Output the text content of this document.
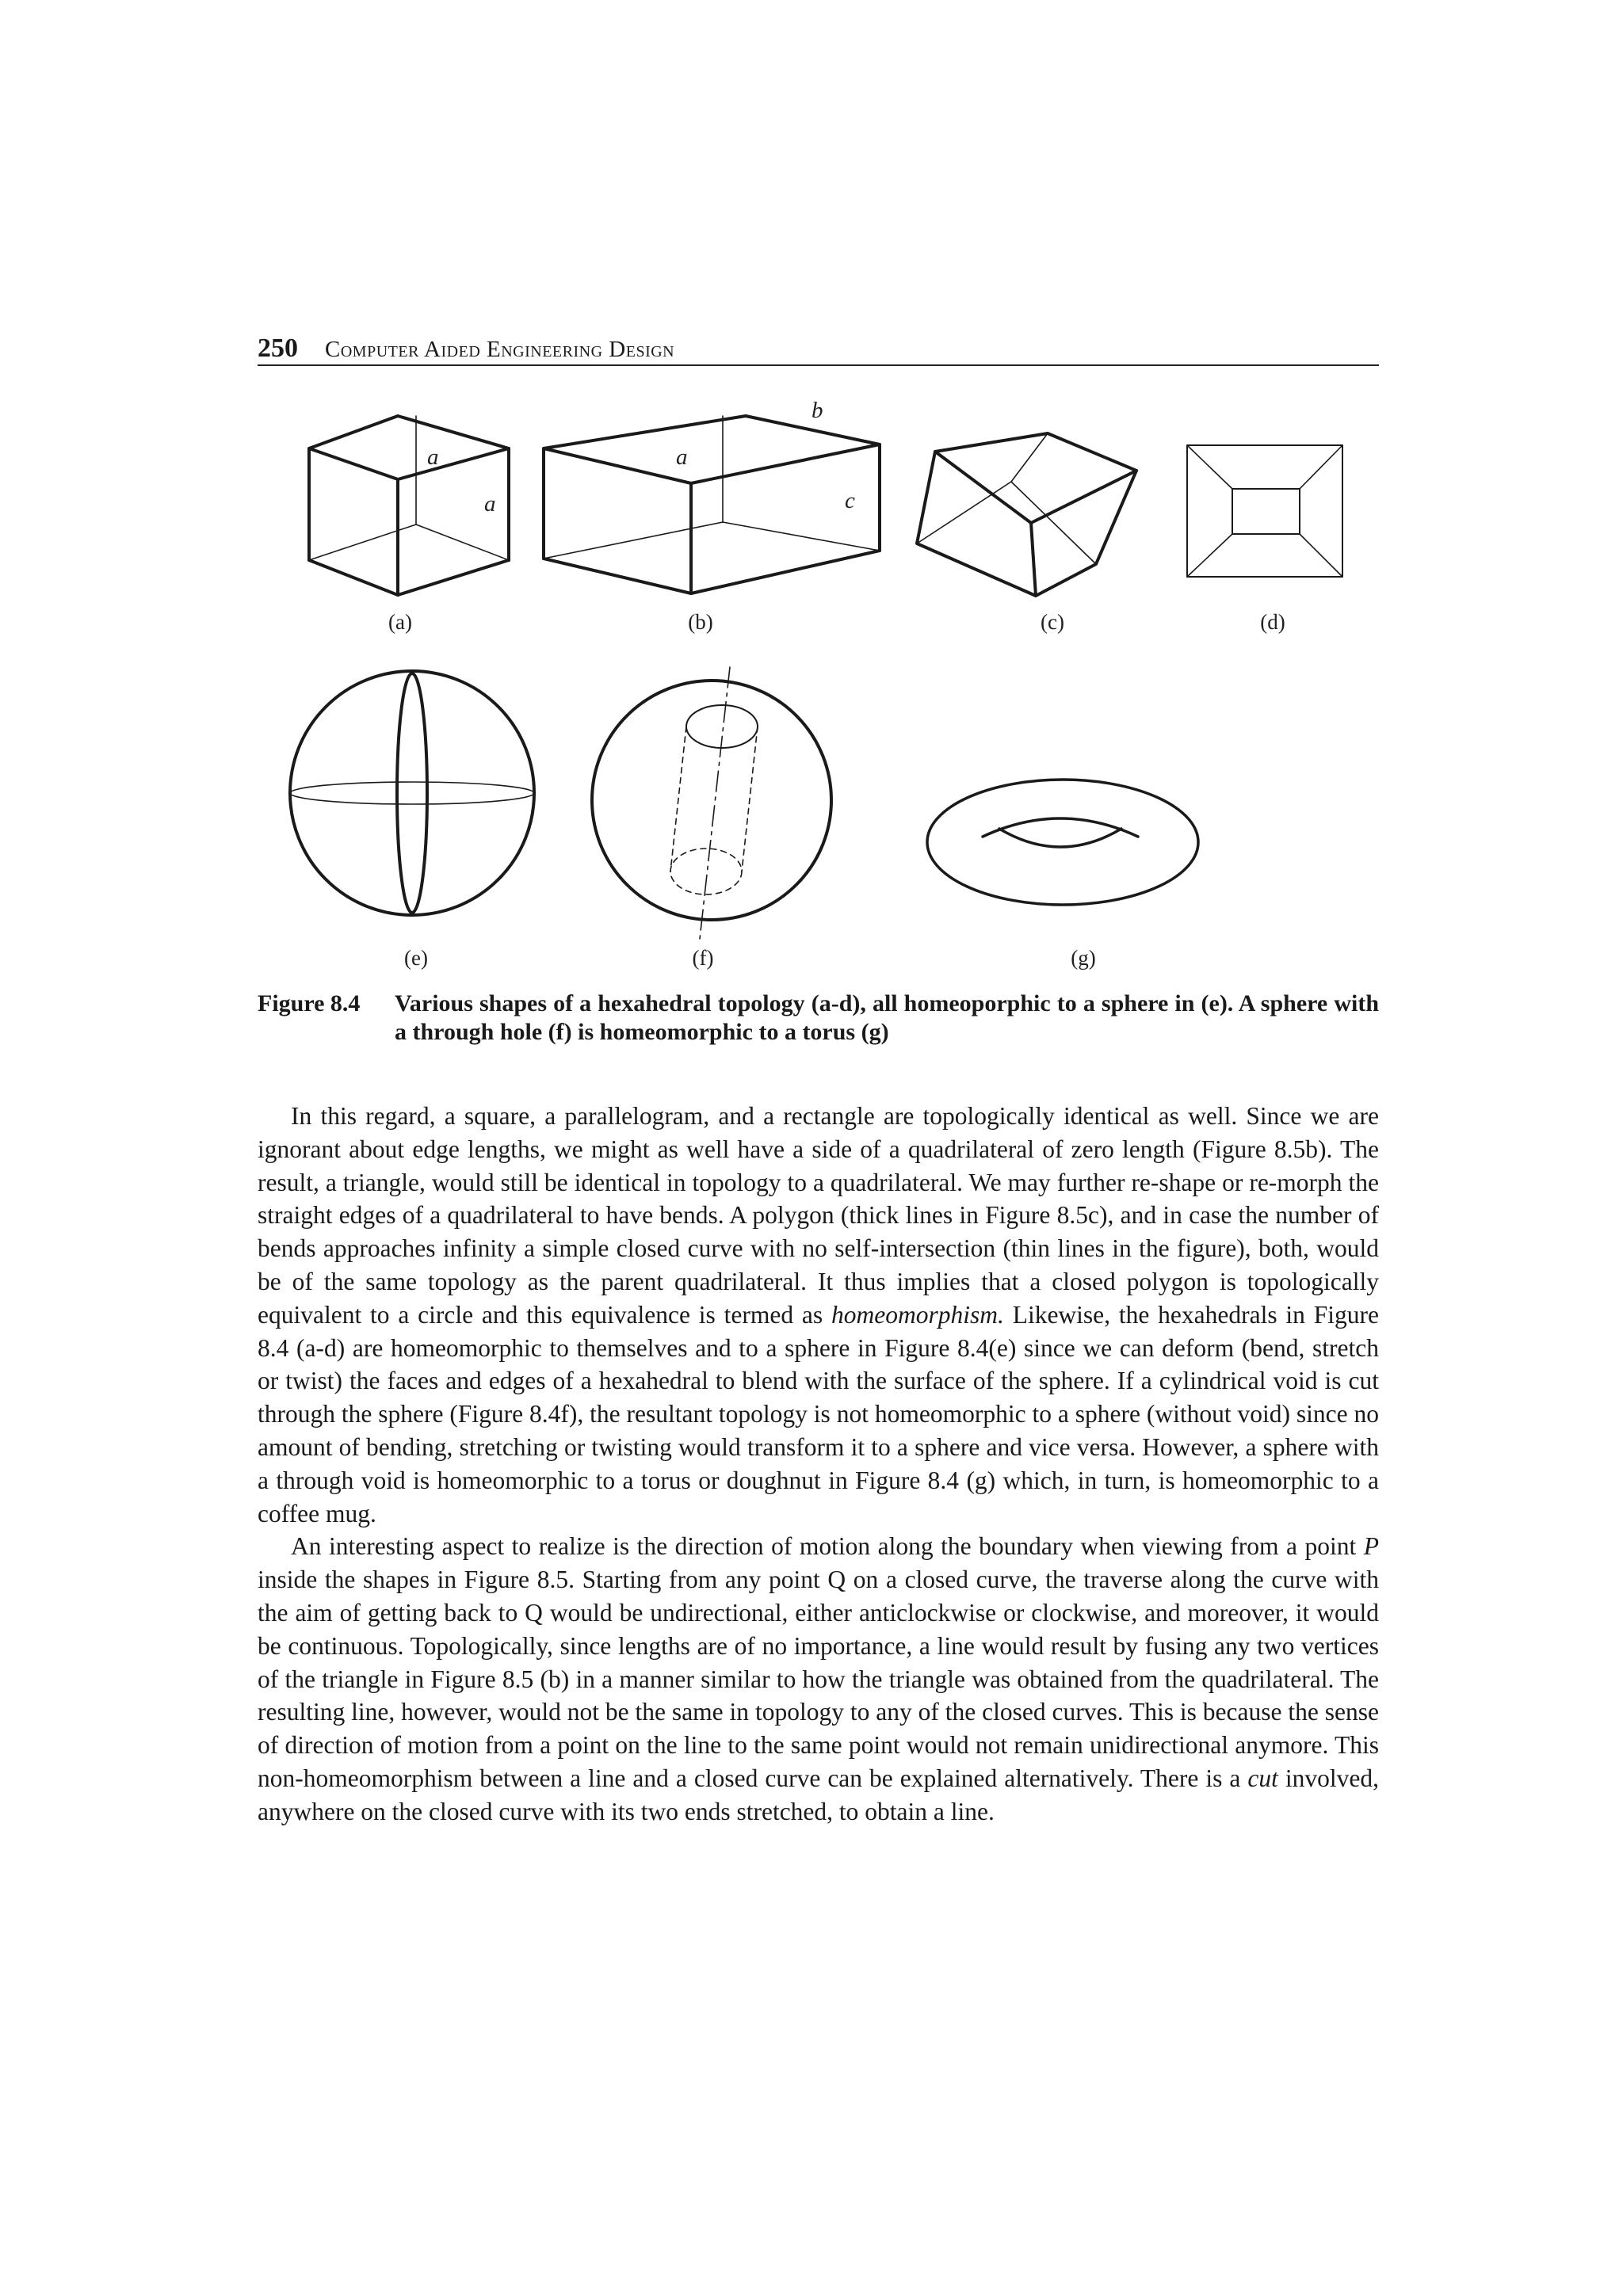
250 Computer Aided Engineering Design
a
a
a
b
c
(a)	(b)	(c)	(d)
(e)	(f)	(g)
Figure 8.4	Various shapes of a hexahedral topology (a-d), all homeoporphic to a sphere in (e). A sphere with a through hole (f) is homeomorphic to a torus (g)

In this regard, a square, a parallelogram, and a rectangle are topologically identical as well. Since we are ignorant about edge lengths, we might as well have a side of a quadrilateral of zero length (Figure 8.5b). The result, a triangle, would still be identical in topology to a quadrilateral. We may further re-shape or re-morph the straight edges of a quadrilateral to have bends. A polygon (thick lines in Figure 8.5c), and in case the number of bends approaches infinity a simple closed curve with no self-intersection (thin lines in the figure), both, would be of the same topology as the parent quadrilateral. It thus implies that a closed polygon is topologically equivalent to a circle and this equivalence is termed as homeomorphism. Likewise, the hexahedrals in Figure 8.4 (a-d) are homeomorphic to themselves and to a sphere in Figure 8.4(e) since we can deform (bend, stretch or twist) the faces and edges of a hexahedral to blend with the surface of the sphere. If a cylindrical void is cut through the sphere (Figure 8.4f), the resultant topology is not homeomorphic to a sphere (without void) since no amount of bending, stretching or twisting would transform it to a sphere and vice versa. However, a sphere with a through void is homeomorphic to a torus or doughnut in Figure 8.4 (g) which, in turn, is homeomorphic to a coffee mug.

An interesting aspect to realize is the direction of motion along the boundary when viewing from a point P inside the shapes in Figure 8.5. Starting from any point Q on a closed curve, the traverse along the curve with the aim of getting back to Q would be undirectional, either anticlockwise or clockwise, and moreover, it would be continuous. Topologically, since lengths are of no importance, a line would result by fusing any two vertices of the triangle in Figure 8.5 (b) in a manner similar to how the triangle was obtained from the quadrilateral. The resulting line, however, would not be the same in topology to any of the closed curves. This is because the sense of direction of motion from a point on the line to the same point would not remain unidirectional anymore. This non-homeomorphism between a line and a closed curve can be explained alternatively. There is a cut involved, anywhere on the closed curve with its two ends stretched, to obtain a line.
